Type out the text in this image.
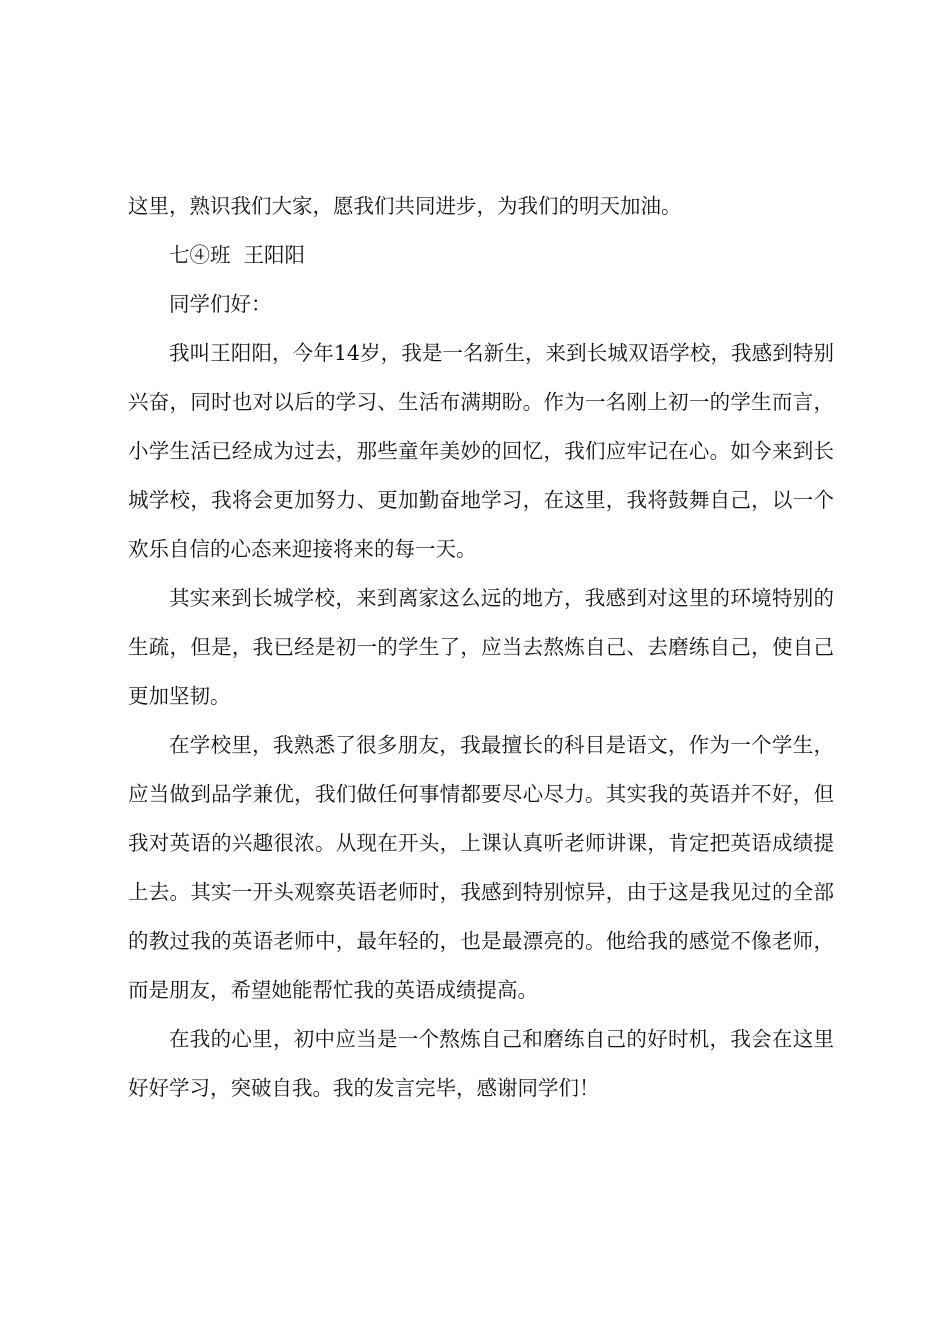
这里，熟识我们大家，愿我们共同进步，为我们的明天加油。

七④班  王阳阳

同学们好：

我叫王阳阳，今年14岁，我是一名新生，来到长城双语学校，我感到特别兴奋，同时也对以后的学习、生活布满期盼。作为一名刚上初一的学生而言，小学生活已经成为过去，那些童年美妙的回忆，我们应牢记在心。如今来到长城学校，我将会更加努力、更加勤奋地学习，在这里，我将鼓舞自己，以一个欢乐自信的心态来迎接将来的每一天。

其实来到长城学校，来到离家这么远的地方，我感到对这里的环境特别的生疏，但是，我已经是初一的学生了，应当去熬炼自己、去磨练自己，使自己更加坚韧。

在学校里，我熟悉了很多朋友，我最擅长的科目是语文，作为一个学生，应当做到品学兼优，我们做任何事情都要尽心尽力。其实我的英语并不好，但我对英语的兴趣很浓。从现在开头，上课认真听老师讲课，肯定把英语成绩提上去。其实一开头观察英语老师时，我感到特别惊异，由于这是我见过的全部的教过我的英语老师中，最年轻的，也是最漂亮的。他给我的感觉不像老师，而是朋友，希望她能帮忙我的英语成绩提高。

在我的心里，初中应当是一个熬炼自己和磨练自己的好时机，我会在这里好好学习，突破自我。我的发言完毕，感谢同学们！
